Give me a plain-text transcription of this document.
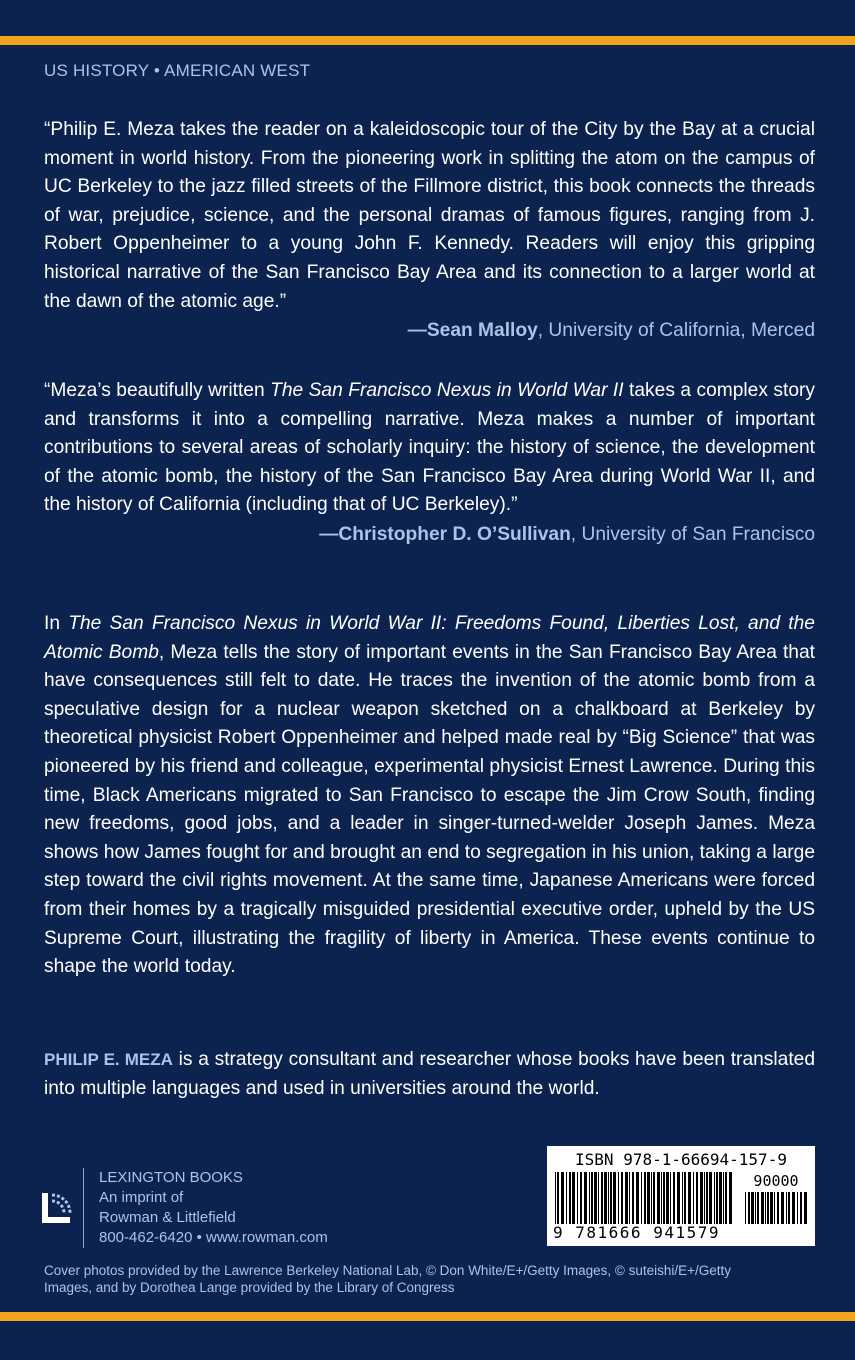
US HISTORY • AMERICAN WEST
“Philip E. Meza takes the reader on a kaleidoscopic tour of the City by the Bay at a crucial moment in world history. From the pioneering work in splitting the atom on the campus of UC Berkeley to the jazz filled streets of the Fillmore district, this book connects the threads of war, prejudice, science, and the personal dramas of famous figures, ranging from J. Robert Oppenheimer to a young John F. Kennedy. Readers will enjoy this gripping historical narrative of the San Francisco Bay Area and its connection to a larger world at the dawn of the atomic age.”
—Sean Malloy, University of California, Merced
“Meza’s beautifully written The San Francisco Nexus in World War II takes a complex story and transforms it into a compelling narrative. Meza makes a number of important contributions to several areas of scholarly inquiry: the history of science, the development of the atomic bomb, the history of the San Francisco Bay Area during World War II, and the history of California (including that of UC Berkeley).”
—Christopher D. O’Sullivan, University of San Francisco
In The San Francisco Nexus in World War II: Freedoms Found, Liberties Lost, and the Atomic Bomb, Meza tells the story of important events in the San Francisco Bay Area that have consequences still felt to date. He traces the invention of the atomic bomb from a speculative design for a nuclear weapon sketched on a chalkboard at Berkeley by theoretical physicist Robert Oppenheimer and helped made real by “Big Science” that was pioneered by his friend and colleague, experimental physicist Ernest Lawrence. During this time, Black Americans migrated to San Francisco to escape the Jim Crow South, finding new freedoms, good jobs, and a leader in singer-turned-welder Joseph James. Meza shows how James fought for and brought an end to segregation in his union, taking a large step toward the civil rights movement. At the same time, Japanese Americans were forced from their homes by a tragically misguided presidential executive order, upheld by the US Supreme Court, illustrating the fragility of liberty in America. These events continue to shape the world today.
PHILIP E. MEZA is a strategy consultant and researcher whose books have been translated into multiple languages and used in universities around the world.
LEXINGTON BOOKS
An imprint of
Rowman & Littlefield
800-462-6420 • www.rowman.com
ISBN 978-1-66694-157-9
90000
9 781666 941579
Cover photos provided by the Lawrence Berkeley National Lab, © Don White/E+/Getty Images, © suteishi/E+/Getty Images, and by Dorothea Lange provided by the Library of Congress
